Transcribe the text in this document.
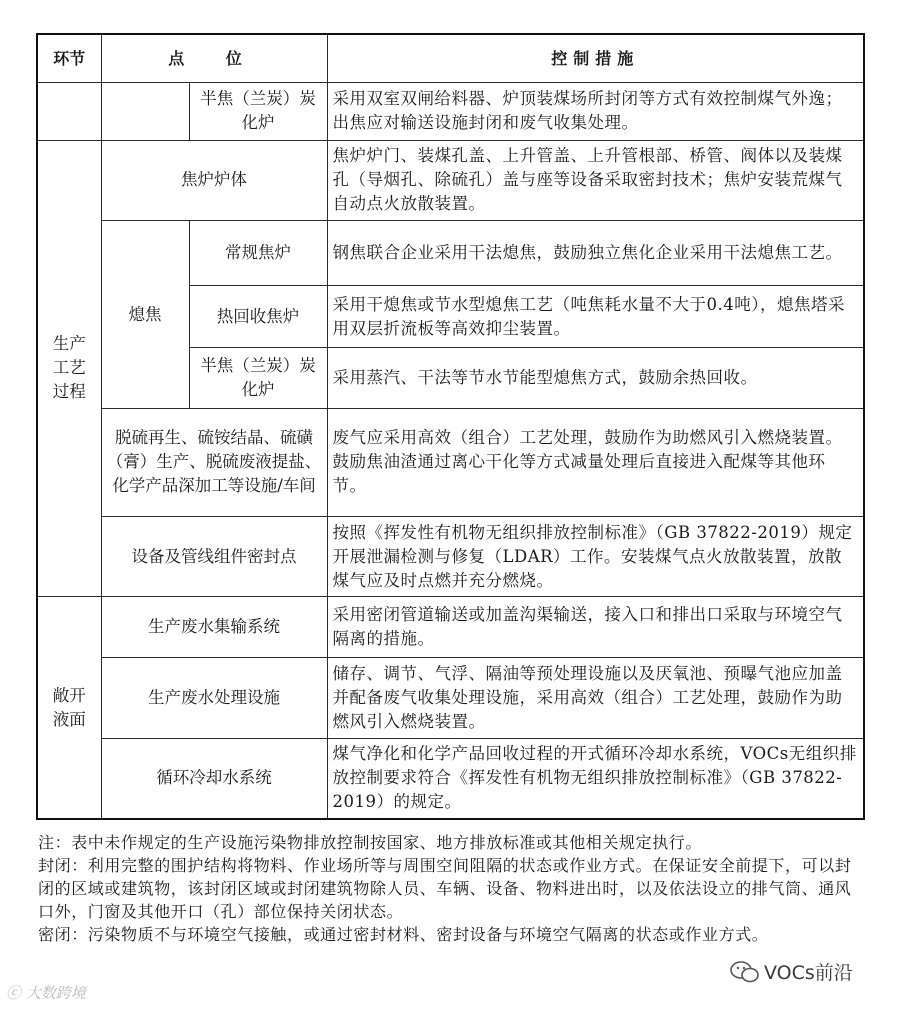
环节	点 位		控制措施
		半焦（兰炭）炭化炉	采用双室双闸给料器、炉顶装煤场所封闭等方式有效控制煤气外逸；出焦应对输送设施封闭和废气收集处理。
生产工艺过程	焦炉炉体		焦炉炉门、装煤孔盖、上升管盖、上升管根部、桥管、阀体以及装煤孔（导烟孔、除硫孔）盖与座等设备采取密封技术；焦炉安装荒煤气自动点火放散装置。
	熄焦	常规焦炉	钢焦联合企业采用干法熄焦，鼓励独立焦化企业采用干法熄焦工艺。
		热回收焦炉	采用干熄焦或节水型熄焦工艺（吨焦耗水量不大于0.4吨），熄焦塔采用双层折流板等高效抑尘装置。
		半焦（兰炭）炭化炉	采用蒸汽、干法等节水节能型熄焦方式，鼓励余热回收。
	脱硫再生、硫铵结晶、硫磺（膏）生产、脱硫废液提盐、化学产品深加工等设施/车间		废气应采用高效（组合）工艺处理，鼓励作为助燃风引入燃烧装置。鼓励焦油渣通过离心干化等方式减量处理后直接进入配煤等其他环节。
	设备及管线组件密封点		按照《挥发性有机物无组织排放控制标准》（GB 37822-2019）规定开展泄漏检测与修复（LDAR）工作。安装煤气点火放散装置，放散煤气应及时点燃并充分燃烧。
敞开液面	生产废水集输系统		采用密闭管道输送或加盖沟渠输送，接入口和排出口采取与环境空气隔离的措施。
	生产废水处理设施		储存、调节、气浮、隔油等预处理设施以及厌氧池、预曝气池应加盖并配备废气收集处理设施，采用高效（组合）工艺处理，鼓励作为助燃风引入燃烧装置。
	循环冷却水系统		煤气净化和化学产品回收过程的开式循环冷却水系统，VOCs无组织排放控制要求符合《挥发性有机物无组织排放控制标准》（GB 37822-2019）的规定。

注：表中未作规定的生产设施污染物排放控制按国家、地方排放标准或其他相关规定执行。

封闭：利用完整的围护结构将物料、作业场所等与周围空间阻隔的状态或作业方式。在保证安全前提下，可以封闭的区域或建筑物，该封闭区域或封闭建筑物除人员、车辆、设备、物料进出时，以及依法设立的排气筒、通风口外，门窗及其他开口（孔）部位保持关闭状态。

密闭：污染物质不与环境空气接触，或通过密封材料、密封设备与环境空气隔离的状态或作业方式。

ⓒ 大数跨境
VOCs前沿
